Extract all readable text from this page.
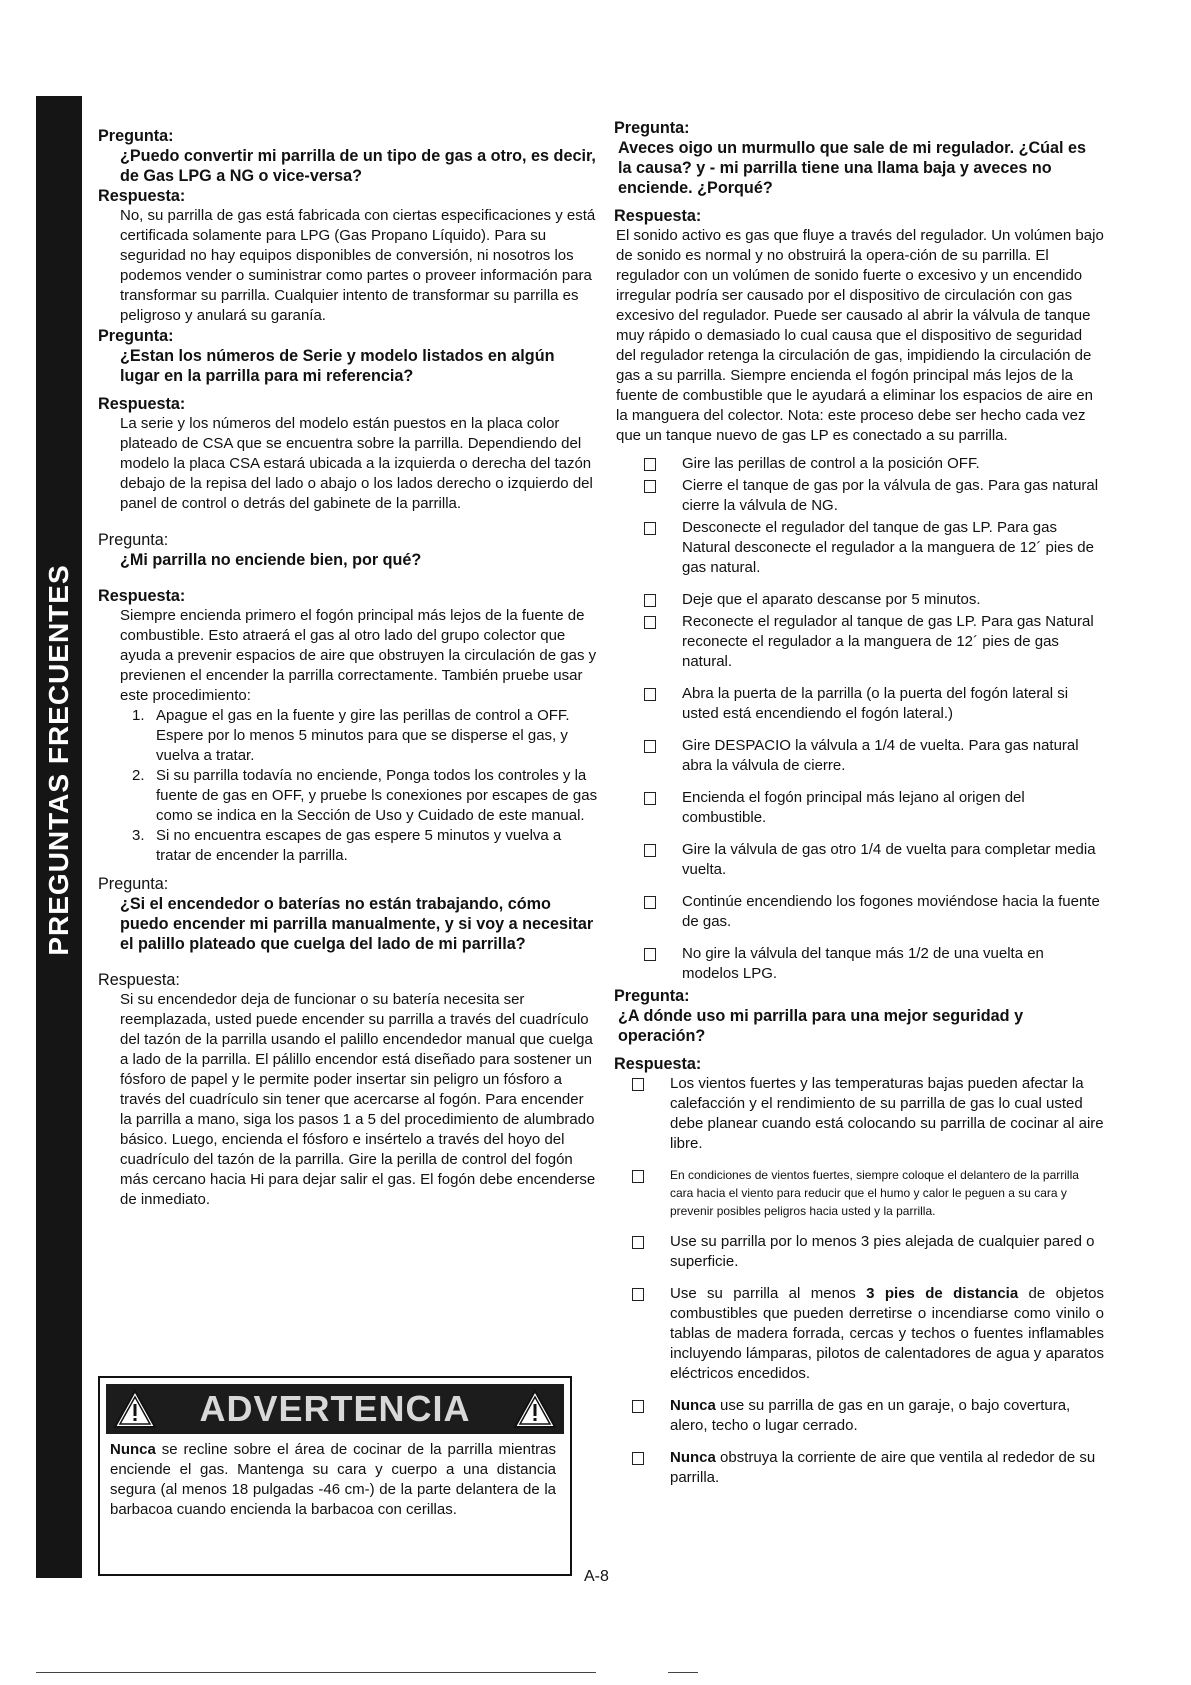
PREGUNTAS FRECUENTES
Pregunta:
¿Puedo convertir mi parrilla de un tipo de gas a otro, es decir, de Gas LPG a NG o vice-versa?
Respuesta:
No, su parrilla de gas está fabricada con ciertas especificaciones y está certificada solamente para LPG (Gas Propano Líquido). Para su seguridad no hay equipos disponibles de conversión, ni nosotros los podemos vender o suministrar como partes o proveer información para transformar su parrilla. Cualquier intento de transformar su parrilla es peligroso y anulará su garanía.
Pregunta:
¿Estan los números de Serie y modelo listados en algún lugar en la parrilla para mi referencia?
Respuesta:
La serie y los números del modelo están puestos en la placa color plateado de CSA que se encuentra sobre la parrilla. Dependiendo del modelo la placa CSA estará ubicada a la izquierda o derecha del tazón debajo de la repisa del lado o abajo o los lados derecho o izquierdo del panel de control o detrás del gabinete de la parrilla.
Pregunta:
¿Mi parrilla no enciende bien, por qué?
Respuesta:
Siempre encienda primero el fogón principal más lejos de la fuente de combustible. Esto atraerá el gas al otro lado del grupo colector que ayuda a prevenir espacios de aire que obstruyen la circulación de gas y previenen el encender la parrilla correctamente. También pruebe usar este procedimiento:
1. Apague el gas en la fuente y gire las perillas de control a OFF. Espere por lo menos 5 minutos para que se disperse el gas, y vuelva a tratar.
2. Si su parrilla todavía no enciende, Ponga todos los controles y la fuente de gas en OFF, y pruebe ls conexiones por escapes de gas como se indica en la Sección de Uso y Cuidado de este manual.
3. Si no encuentra escapes de gas espere 5 minutos y vuelva a tratar de encender la parrilla.
Pregunta:
¿Si el encendedor o baterías no están trabajando, cómo puedo encender mi parrilla manualmente, y si voy a necesitar el palillo plateado que cuelga del lado de mi parrilla?
Respuesta:
Si su encendedor deja de funcionar o su batería necesita ser reemplazada, usted puede encender su parrilla a través del cuadrículo del tazón de la parrilla usando el palillo encendedor manual que cuelga a lado de la parrilla. El pálillo encendor está diseñado para sostener un fósforo de papel y le permite poder insertar sin peligro un fósforo a través del cuadrículo sin tener que acercarse al fogón. Para encender la parrilla a mano, siga los pasos 1 a 5 del procedimiento de alumbrado básico. Luego, encienda el fósforo e insértelo a través del hoyo del cuadrículo del tazón de la parrilla. Gire la perilla de control del fogón más cercano hacia Hi para dejar salir el gas. El fogón debe encenderse de inmediato.
ADVERTENCIA
Nunca se recline sobre el área de cocinar de la parrilla mientras enciende el gas. Mantenga su cara y cuerpo a una distancia segura (al menos 18 pulgadas -46 cm-) de la parte delantera de la barbacoa cuando encienda la barbacoa con cerillas.
Pregunta:
Aveces oigo un murmullo que sale de mi regulador. ¿Cúal es la causa? y - mi parrilla tiene una llama baja y aveces no enciende. ¿Porqué?
Respuesta:
El sonido activo es gas que fluye a través del regulador. Un volúmen bajo de sonido es normal y no obstruirá la opera-ción de su parrilla. El regulador con un volúmen de sonido fuerte o excesivo y un encendido irregular podría ser causado por el dispositivo de circulación con gas excesivo del regulador. Puede ser causado al abrir la válvula de tanque muy rápido o demasiado lo cual causa que el dispositivo de seguridad del regulador retenga la circulación de gas, impidiendo la circulación de gas a su parrilla. Siempre encienda el fogón principal más lejos de la fuente de combustible que le ayudará a eliminar los espacios de aire en la manguera del colector. Nota: este proceso debe ser hecho cada vez que un tanque nuevo de gas LP es conectado a su parrilla.
Gire las perillas de control a la posición OFF.
Cierre el tanque de gas por la válvula de gas. Para gas natural cierre la válvula de NG.
Desconecte el regulador del tanque de gas LP. Para gas Natural desconecte el regulador a la manguera de 12´ pies de gas natural.
Deje que el aparato descanse por 5 minutos.
Reconecte el regulador al tanque de gas LP. Para gas Natural reconecte el regulador a la manguera de 12´ pies de gas natural.
Abra la puerta de la parrilla (o la puerta del fogón lateral si usted está encendiendo el fogón lateral.)
Gire DESPACIO la válvula a 1/4 de vuelta. Para gas natural abra la válvula de cierre.
Encienda el fogón principal más lejano al origen del combustible.
Gire la válvula de gas otro 1/4 de vuelta para completar media vuelta.
Continúe encendiendo los fogones moviéndose hacia la fuente de gas.
No gire la válvula del tanque más 1/2 de una vuelta en modelos LPG.
Pregunta:
¿A dónde uso mi parrilla para una mejor seguridad y operación?
Respuesta:
Los vientos fuertes y las temperaturas bajas pueden afectar la calefacción y el rendimiento de su parrilla de gas lo cual usted debe planear cuando está colocando su parrilla de cocinar al aire libre.
En condiciones de vientos fuertes, siempre coloque el delantero de la parrilla cara hacia el viento para reducir que el humo y calor le peguen a su cara y prevenir posibles peligros hacia usted y la parrilla.
Use su parrilla por lo menos 3 pies alejada de cualquier pared o superficie.
Use su parrilla al menos 3 pies de distancia de objetos combustibles que pueden derretirse o incendiarse como vinilo o tablas de madera forrada, cercas y techos o fuentes inflamables incluyendo lámparas, pilotos de calentadores de agua y aparatos eléctricos encedidos.
Nunca use su parrilla de gas en un garaje, o bajo covertura, alero, techo o lugar cerrado.
Nunca obstruya la corriente de aire que ventila al rededor de su parrilla.
A-8
